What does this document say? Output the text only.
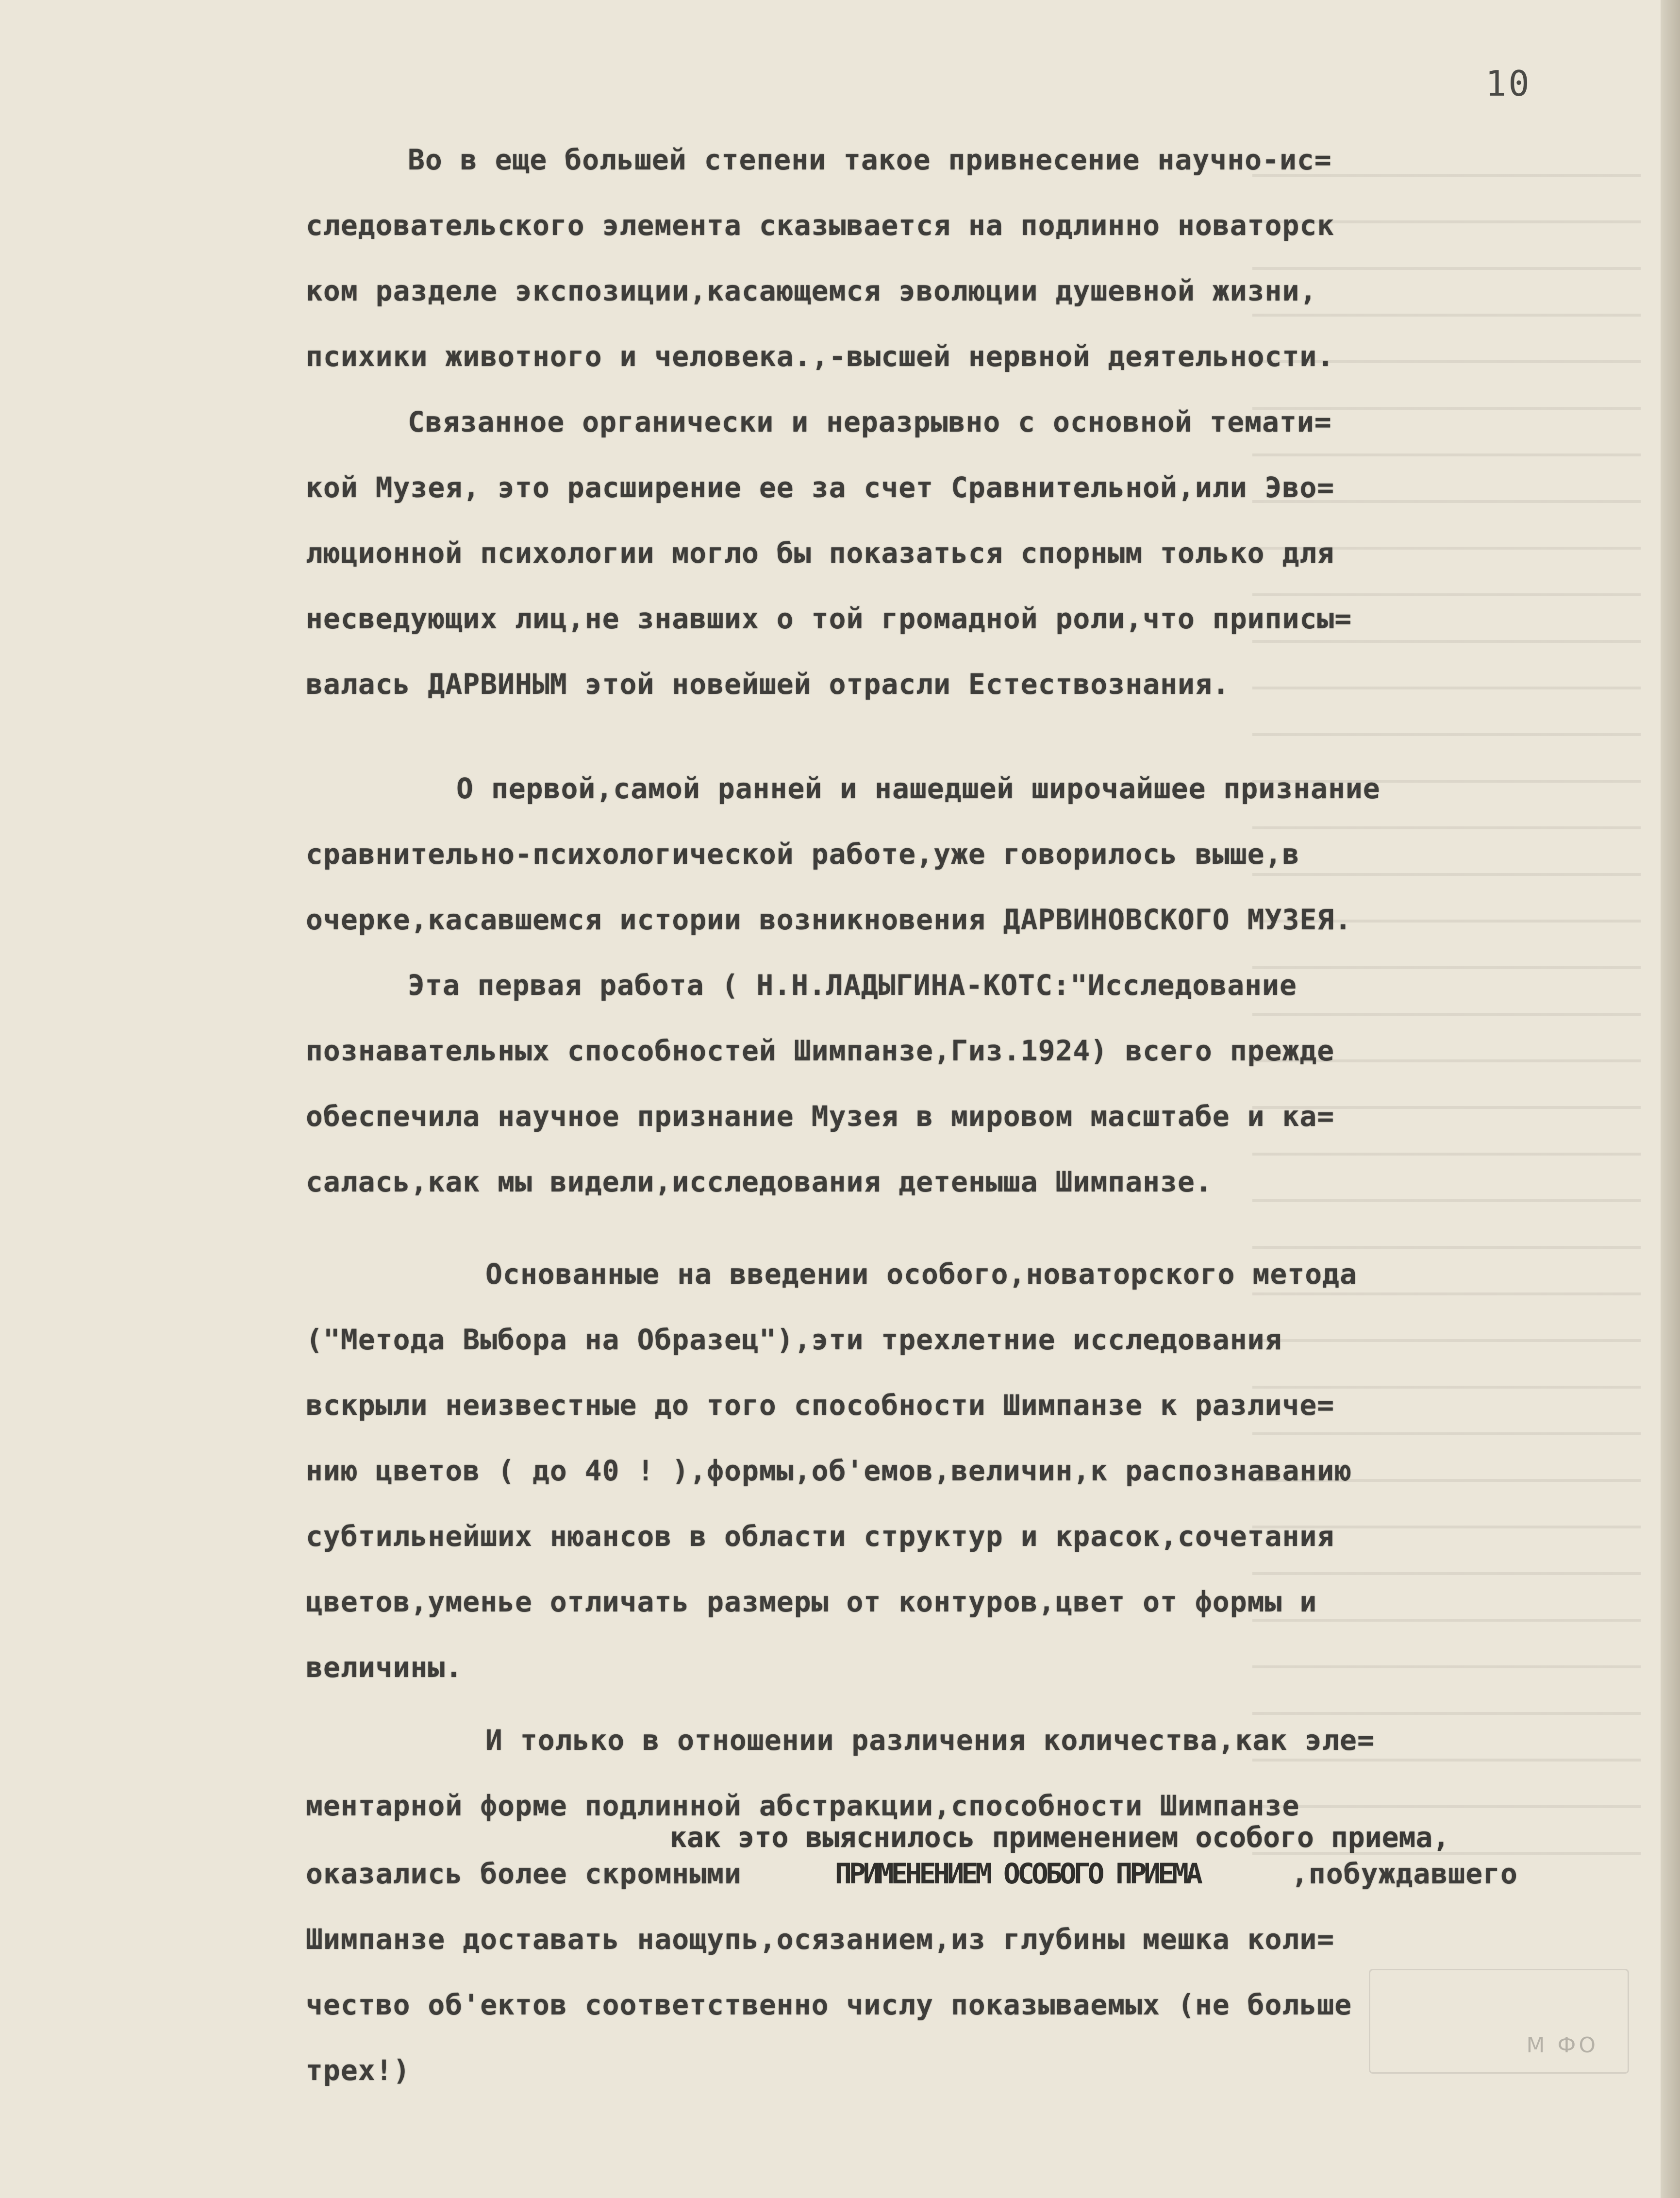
10
Во в еще большей степени такое привнесение научно-ис=
следовательского элемента сказывается на подлинно новаторск
ком разделе экспозиции,касающемся эволюции душевной жизни,
психики животного и человека.,-высшей нервной деятельности.
Связанное органически и неразрывно с основной темати=
кой Музея, это расширение ее за счет Сравнительной,или Эво=
люционной психологии могло бы показаться спорным только для
несведующих лиц,не знавших о той громадной роли,что приписы=
валась ДАРВИНЫМ этой новейшей отрасли Естествознания.
О первой,самой ранней и нашедшей широчайшее признание
сравнительно-психологической работе,уже говорилось выше,в
очерке,касавшемся истории возникновения ДАРВИНОВСКОГО МУЗЕЯ.
Эта первая работа ( Н.Н.ЛАДЫГИНА-КОТС:"Исследование
познавательных способностей Шимпанзе,Гиз.1924) всего прежде
обеспечила научное признание Музея в мировом масштабе и ка=
салась,как мы видели,исследования детеныша Шимпанзе.
Основанные на введении особого,новаторского метода
("Метода Выбора на Образец"),эти трехлетние исследования
вскрыли неизвестные до того способности Шимпанзе к различе=
нию цветов ( до 40 ! ),формы,об'емов,величин,к распознаванию
субтильнейших нюансов в области структур и красок,сочетания
цветов,уменье отличать размеры от контуров,цвет от формы и
величины.
И только в отношении различения количества,как эле=
ментарной форме подлинной абстракции,способности Шимпанзе
как это выяснилось применением особого приема,
оказались более скромными	ПРИМЕНЕНИЕМ ОСОБОГО ПРИЕМА	,побуждавшего
Шимпанзе доставать наощупь,осязанием,из глубины мешка коли=
чество об'ектов соответственно числу показываемых (не больше
трех!)
М ФО
